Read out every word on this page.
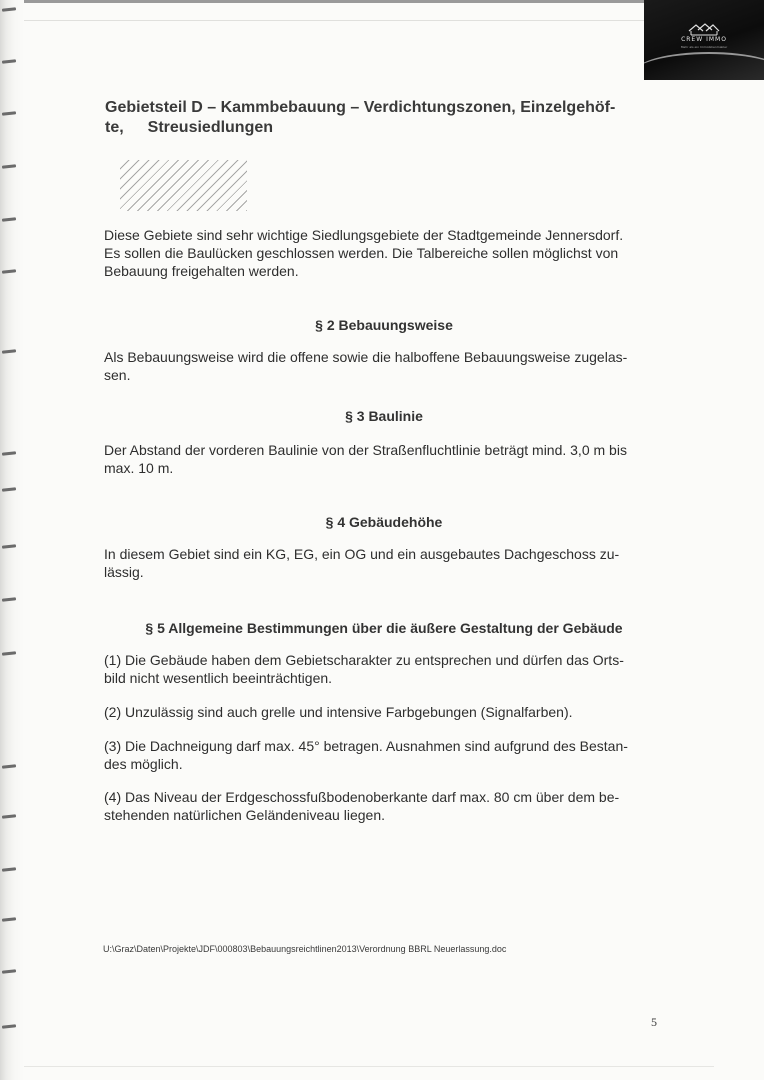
CREW IMMO
Mehr als ein Immobilienmakler
Gebietsteil D – Kammbebauung – Verdichtungszonen, Einzelgehöf-
te, Streusiedlungen
Diese Gebiete sind sehr wichtige Siedlungsgebiete der Stadtgemeinde Jennersdorf.
Es sollen die Baulücken geschlossen werden. Die Talbereiche sollen möglichst von
Bebauung freigehalten werden.
§ 2 Bebauungsweise
Als Bebauungsweise wird die offene sowie die halboffene Bebauungsweise zugelas-
sen.
§ 3 Baulinie
Der Abstand der vorderen Baulinie von der Straßenfluchtlinie beträgt mind. 3,0 m bis
max. 10 m.
§ 4 Gebäudehöhe
In diesem Gebiet sind ein KG, EG, ein OG und ein ausgebautes Dachgeschoss zu-
lässig.
§ 5 Allgemeine Bestimmungen über die äußere Gestaltung der Gebäude
(1) Die Gebäude haben dem Gebietscharakter zu entsprechen und dürfen das Orts-
bild nicht wesentlich beeinträchtigen.
(2) Unzulässig sind auch grelle und intensive Farbgebungen (Signalfarben).
(3) Die Dachneigung darf max. 45° betragen. Ausnahmen sind aufgrund des Bestan-
des möglich.
(4) Das Niveau der Erdgeschossfußbodenoberkante darf max. 80 cm über dem be-
stehenden natürlichen Geländeniveau liegen.
U:\Graz\Daten\Projekte\JDF\000803\Bebauungsreichtlinen2013\Verordnung BBRL Neuerlassung.doc
5
